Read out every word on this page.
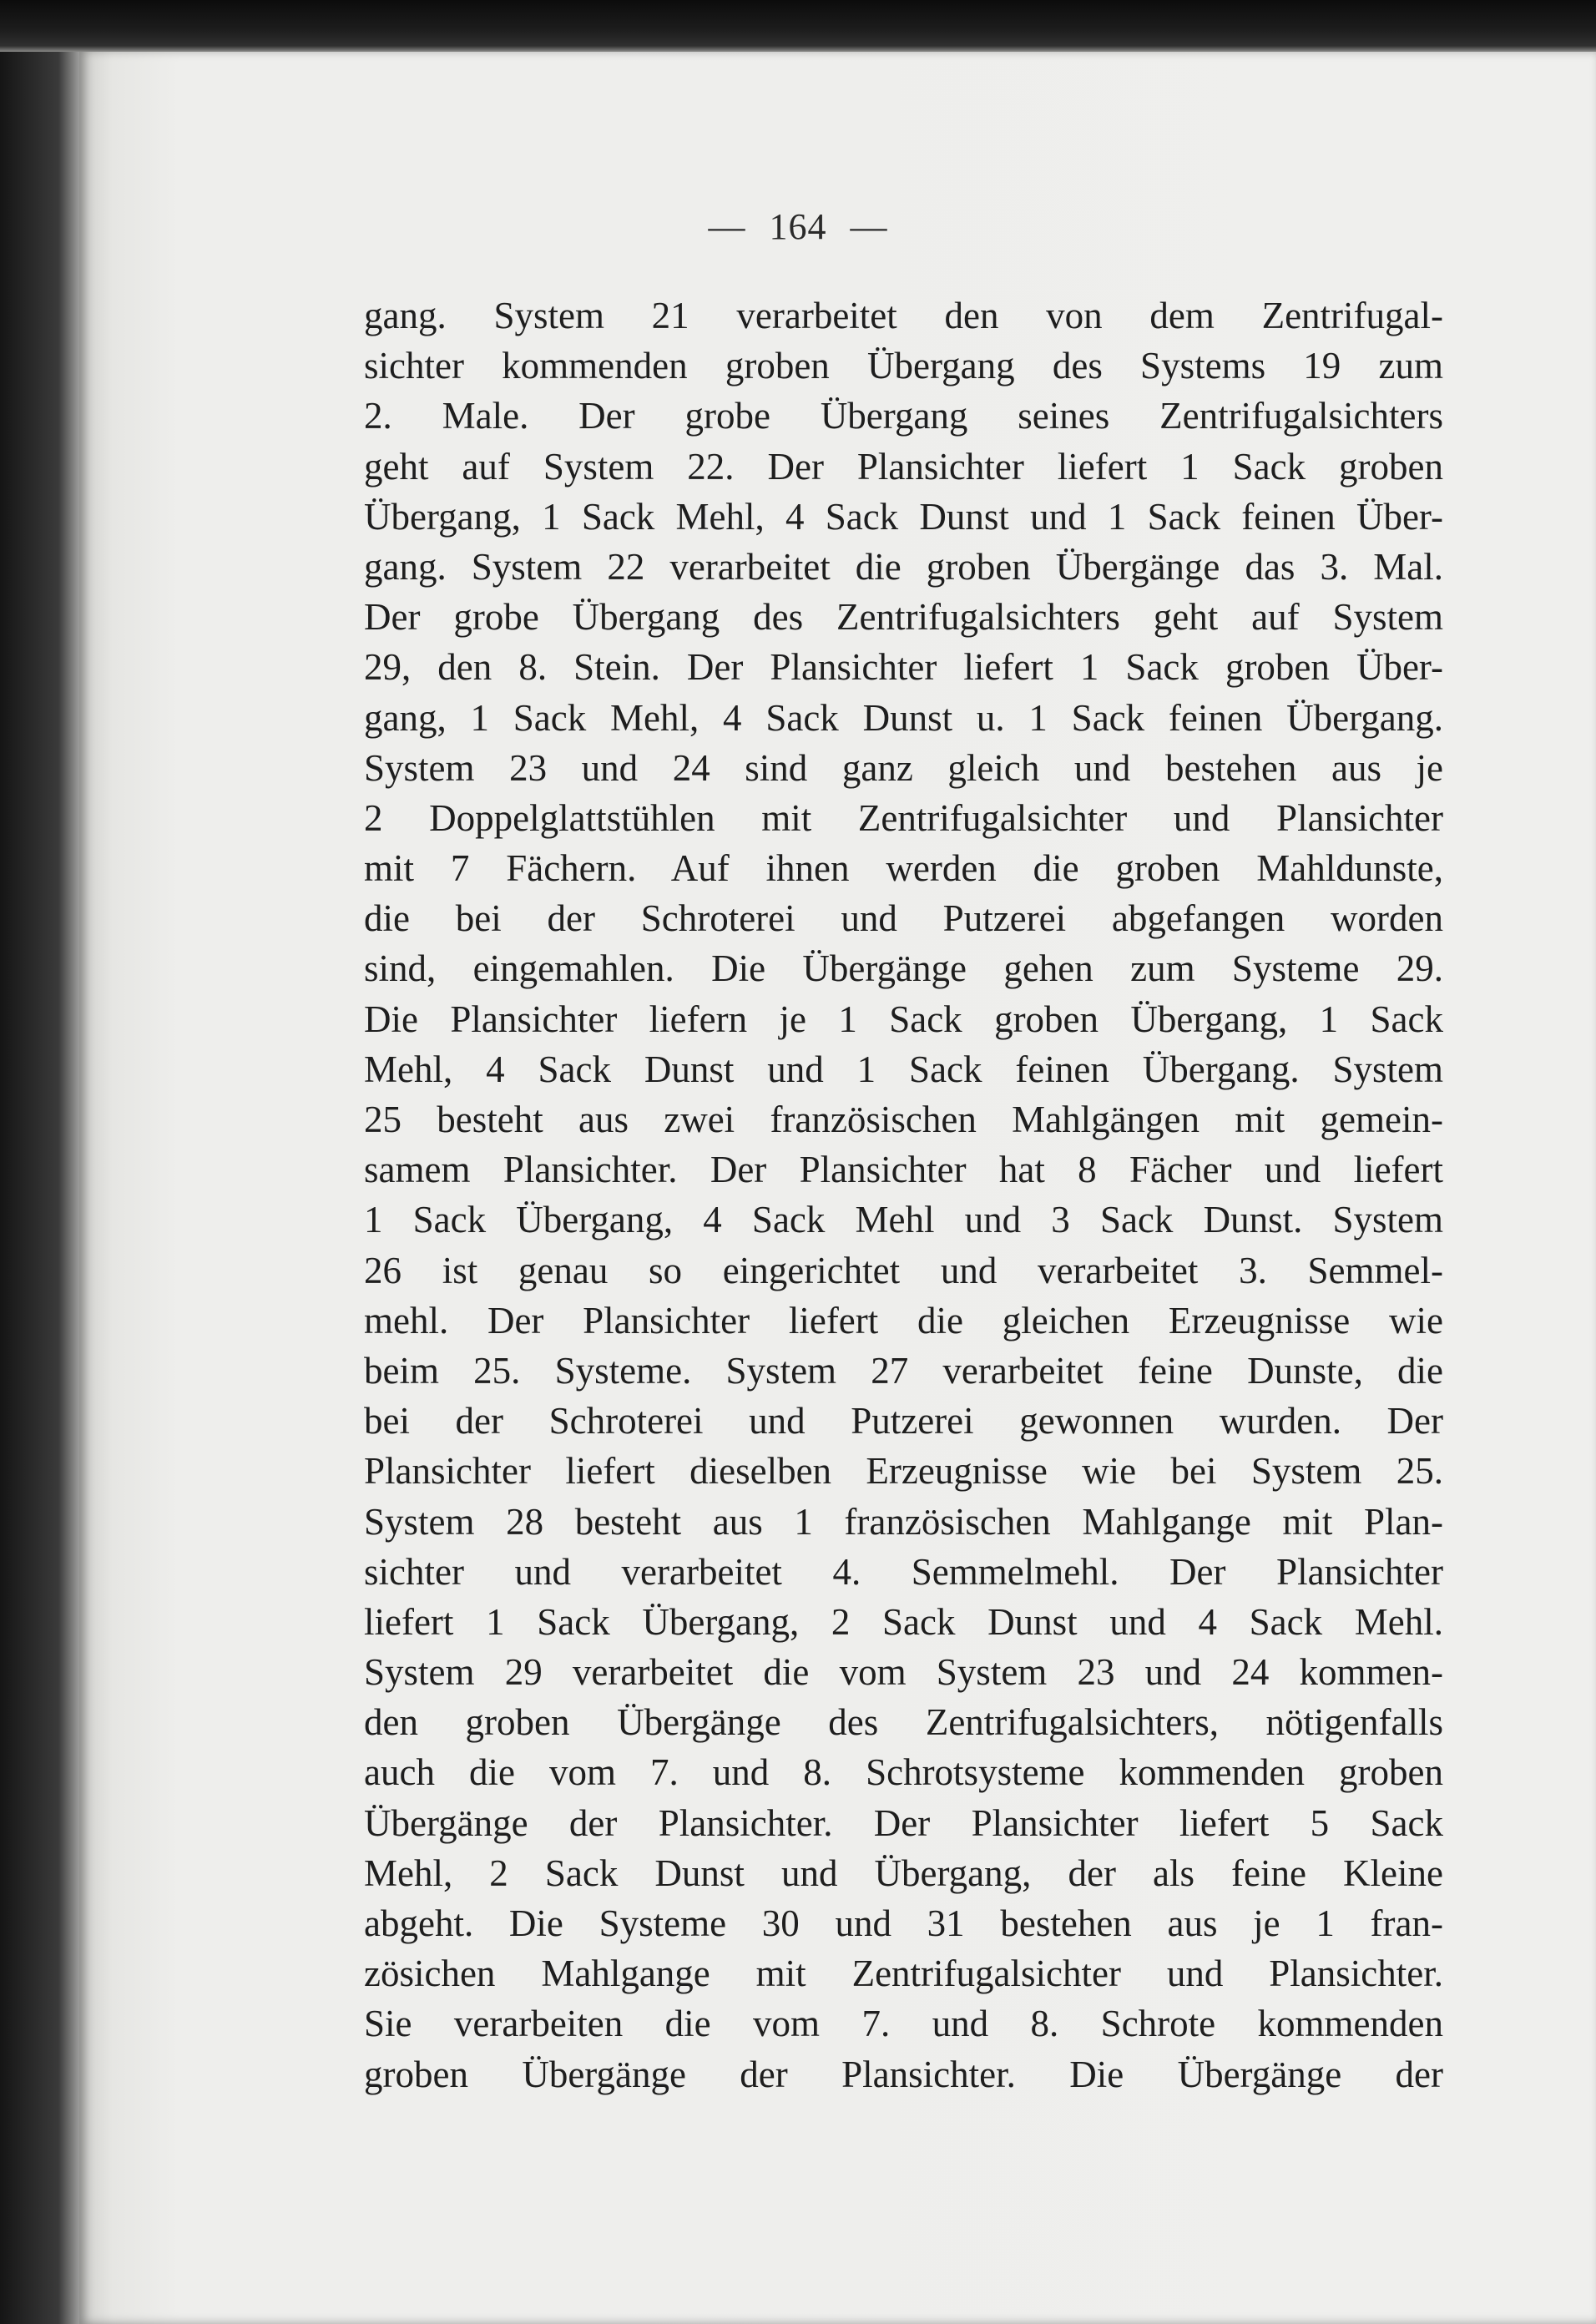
— 164 —
gang. System 21 verarbeitet den von dem Zentrifugal-
sichter kommenden groben Übergang des Systems 19 zum
2. Male. Der grobe Übergang seines Zentrifugalsichters
geht auf System 22. Der Plansichter liefert 1 Sack groben
Übergang, 1 Sack Mehl, 4 Sack Dunst und 1 Sack feinen Über-
gang. System 22 verarbeitet die groben Übergänge das 3. Mal.
Der grobe Übergang des Zentrifugalsichters geht auf System
29, den 8. Stein. Der Plansichter liefert 1 Sack groben Über-
gang, 1 Sack Mehl, 4 Sack Dunst u. 1 Sack feinen Übergang.
System 23 und 24 sind ganz gleich und bestehen aus je
2 Doppelglattstühlen mit Zentrifugalsichter und Plansichter
mit 7 Fächern. Auf ihnen werden die groben Mahldunste,
die bei der Schroterei und Putzerei abgefangen worden
sind, eingemahlen. Die Übergänge gehen zum Systeme 29.
Die Plansichter liefern je 1 Sack groben Übergang, 1 Sack
Mehl, 4 Sack Dunst und 1 Sack feinen Übergang. System
25 besteht aus zwei französischen Mahlgängen mit gemein-
samem Plansichter. Der Plansichter hat 8 Fächer und liefert
1 Sack Übergang, 4 Sack Mehl und 3 Sack Dunst. System
26 ist genau so eingerichtet und verarbeitet 3. Semmel-
mehl. Der Plansichter liefert die gleichen Erzeugnisse wie
beim 25. Systeme. System 27 verarbeitet feine Dunste, die
bei der Schroterei und Putzerei gewonnen wurden. Der
Plansichter liefert dieselben Erzeugnisse wie bei System 25.
System 28 besteht aus 1 französischen Mahlgange mit Plan-
sichter und verarbeitet 4. Semmelmehl. Der Plansichter
liefert 1 Sack Übergang, 2 Sack Dunst und 4 Sack Mehl.
System 29 verarbeitet die vom System 23 und 24 kommen-
den groben Übergänge des Zentrifugalsichters, nötigenfalls
auch die vom 7. und 8. Schrotsysteme kommenden groben
Übergänge der Plansichter. Der Plansichter liefert 5 Sack
Mehl, 2 Sack Dunst und Übergang, der als feine Kleine
abgeht. Die Systeme 30 und 31 bestehen aus je 1 fran-
zösichen Mahlgange mit Zentrifugalsichter und Plansichter.
Sie verarbeiten die vom 7. und 8. Schrote kommenden
groben Übergänge der Plansichter. Die Übergänge der
